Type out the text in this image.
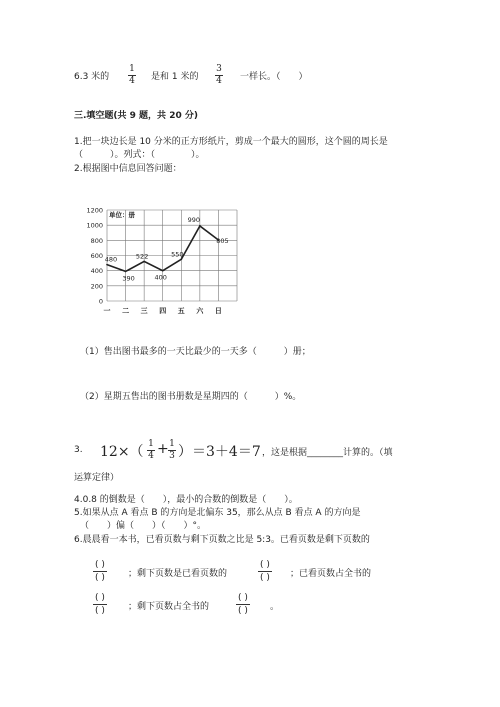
6.3 米的
1
4 是和 1 米的
3
4 一样长。（　　）
三.填空题(共 9 题，共 20 分)
1.把一块边长是 10 分米的正方形纸片，剪成一个最大的圆形，这个圆的周长是
（　　　）。列式：（　　　　）。
2.根据图中信息回答问题：
0
200
400
600
800
1000
1200
一 二 三 四 五 六 日
单位：册
480
390
522
400
550
990
805
（1）售出图书最多的一天比最少的一天多（　　　）册；
（2）星期五售出的图书册数是星期四的（　　　）%。
3. 12×（ 1
4 + 1
3 ）＝3＋4＝7 ，这是根据________计算的。（填
运算定律）
4.0.8 的倒数是（　　），最小的合数的倒数是（　　）。
5.如果从点 A 看点 B 的方向是北偏东 35，那么从点 B 看点 A 的方向是
（　　）偏（　　）（　　）°。
6.晨晨看一本书，已看页数与剩下页数之比是 5:3。已看页数是剩下页数的
( )
( )	；剩下页数是已看页数的
( )
( ) ；已看页数占全书的
( )
( )	；剩下页数占全书的
( )
( ) 。
